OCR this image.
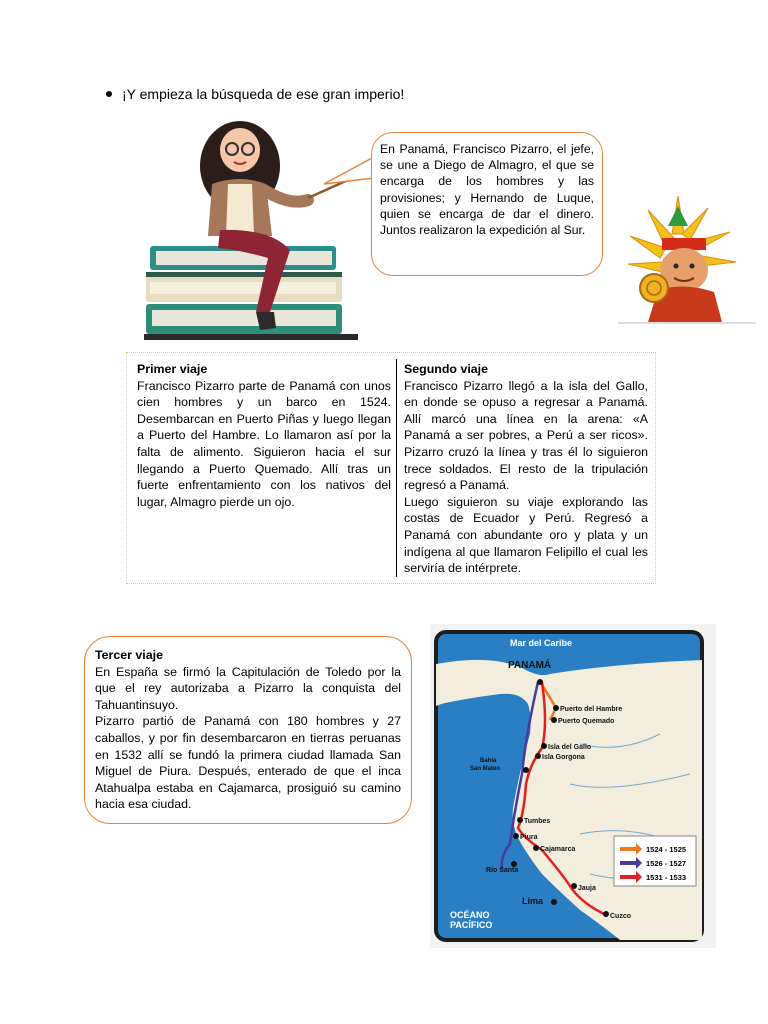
¡Y empieza la búsqueda de ese gran imperio!
En Panamá, Francisco Pizarro, el jefe, se une a Diego de Almagro, el que se encarga de los hombres y las provisiones; y Hernando de Luque, quien se encarga de dar el dinero. Juntos realizaron la expedición al Sur.
Primer viaje
Francisco Pizarro parte de Panamá con unos cien hombres y un barco en 1524. Desembarcan en Puerto Piñas y luego llegan a Puerto del Hambre. Lo llamaron así por la falta de alimento. Siguieron hacia el sur llegando a Puerto Quemado. Allí tras un fuerte enfrentamiento con los nativos del lugar, Almagro pierde un ojo.
Segundo viaje
Francisco Pizarro llegó a la isla del Gallo, en donde se opuso a regresar a Panamá. Allí marcó una línea en la arena: «A Panamá a ser pobres, a Perú a ser ricos». Pizarro cruzó la línea y tras él lo siguieron trece soldados. El resto de la tripulación regresó a Panamá.
Luego siguieron su viaje explorando las costas de Ecuador y Perú. Regresó a Panamá con abundante oro y plata y un indígena al que llamaron Felipillo el cual les serviría de intérprete.
Tercer viaje
En España se firmó la Capitulación de Toledo por la que el rey autorizaba a Pizarro la conquista del Tahuantinsuyo.
Pizarro partió de Panamá con 180 hombres y 27 caballos, y por fin desembarcaron en tierras peruanas en 1532 allí se fundó la primera ciudad llamada San Miguel de Piura. Después, enterado de que el inca Atahualpa estaba en Cajamarca, prosiguió su camino hacia esa ciudad.
Mar del Caribe
PANAMÁ
Puerto del Hambre
Puerto Quemado
Isla del Gallo
Isla Gorgona
Bahía
San Mateo
Tumbes
Piura
Cajamarca
Río Santa
Jauja
Lima
Cuzco
OCÉANO
PACÍFICO
1524 - 1525
1526 - 1527
1531 - 1533
